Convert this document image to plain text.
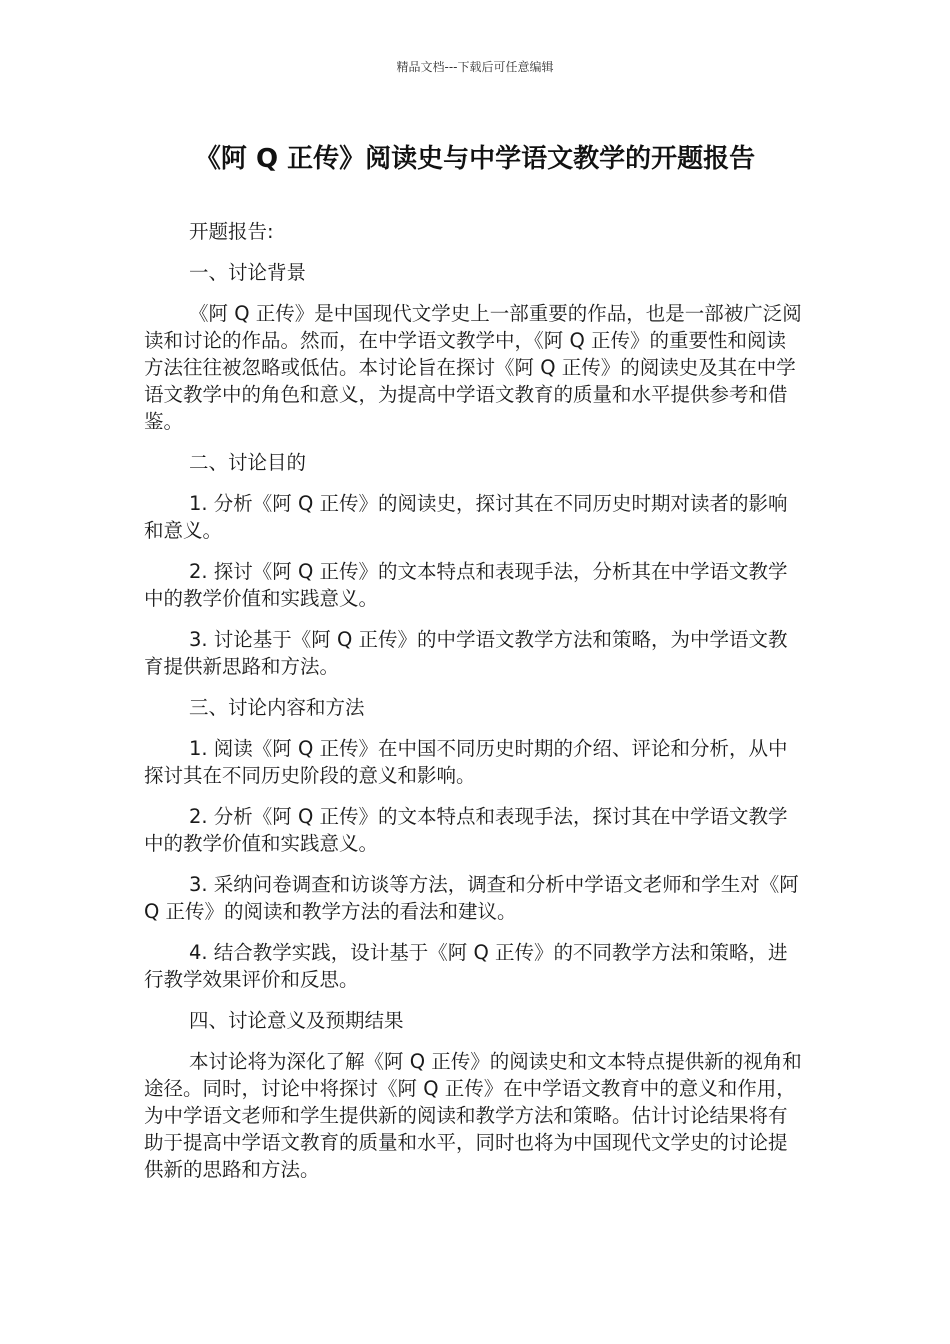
精品文档---下载后可任意编辑
《阿 Q 正传》阅读史与中学语文教学的开题报告

开题报告:

一、讨论背景

《阿 Q 正传》是中国现代文学史上一部重要的作品，也是一部被广泛阅读和讨论的作品。然而，在中学语文教学中，《阿 Q 正传》的重要性和阅读方法往往被忽略或低估。本讨论旨在探讨《阿 Q 正传》的阅读史及其在中学语文教学中的角色和意义，为提高中学语文教育的质量和水平提供参考和借鉴。

二、讨论目的

1. 分析《阿 Q 正传》的阅读史，探讨其在不同历史时期对读者的影响和意义。

2. 探讨《阿 Q 正传》的文本特点和表现手法，分析其在中学语文教学中的教学价值和实践意义。

3. 讨论基于《阿 Q 正传》的中学语文教学方法和策略，为中学语文教育提供新思路和方法。

三、讨论内容和方法

1. 阅读《阿 Q 正传》在中国不同历史时期的介绍、评论和分析，从中探讨其在不同历史阶段的意义和影响。

2. 分析《阿 Q 正传》的文本特点和表现手法，探讨其在中学语文教学中的教学价值和实践意义。

3. 采纳问卷调查和访谈等方法，调查和分析中学语文老师和学生对《阿 Q 正传》的阅读和教学方法的看法和建议。

4. 结合教学实践，设计基于《阿 Q 正传》的不同教学方法和策略，进行教学效果评价和反思。

四、讨论意义及预期结果

本讨论将为深化了解《阿 Q 正传》的阅读史和文本特点提供新的视角和途径。同时，讨论中将探讨《阿 Q 正传》在中学语文教育中的意义和作用，为中学语文老师和学生提供新的阅读和教学方法和策略。估计讨论结果将有助于提高中学语文教育的质量和水平，同时也将为中国现代文学史的讨论提供新的思路和方法。
